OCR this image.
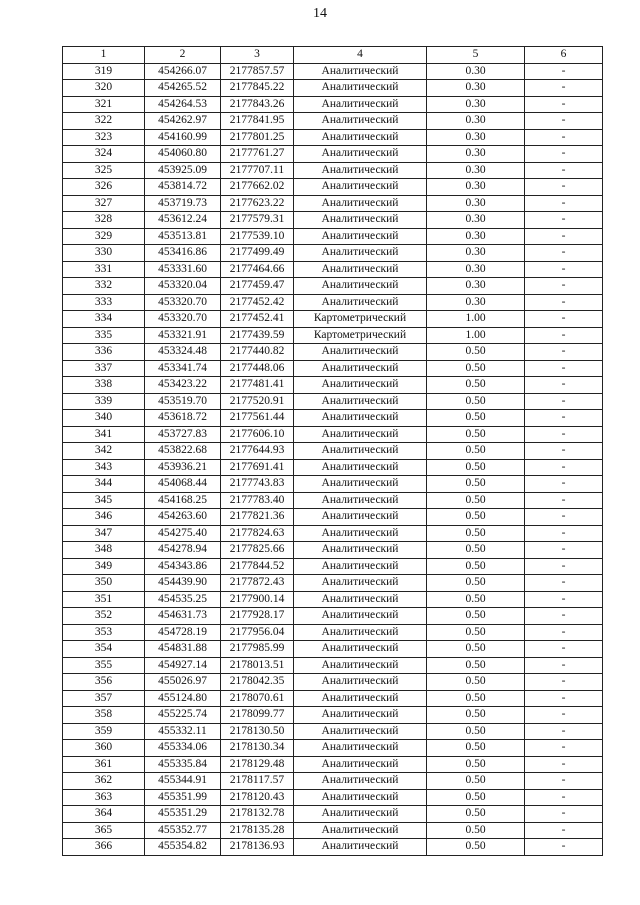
14
1	2	3	4	5	6
319	454266.07	2177857.57	Аналитический	0.30	-
320	454265.52	2177845.22	Аналитический	0.30	-
321	454264.53	2177843.26	Аналитический	0.30	-
322	454262.97	2177841.95	Аналитический	0.30	-
323	454160.99	2177801.25	Аналитический	0.30	-
324	454060.80	2177761.27	Аналитический	0.30	-
325	453925.09	2177707.11	Аналитический	0.30	-
326	453814.72	2177662.02	Аналитический	0.30	-
327	453719.73	2177623.22	Аналитический	0.30	-
328	453612.24	2177579.31	Аналитический	0.30	-
329	453513.81	2177539.10	Аналитический	0.30	-
330	453416.86	2177499.49	Аналитический	0.30	-
331	453331.60	2177464.66	Аналитический	0.30	-
332	453320.04	2177459.47	Аналитический	0.30	-
333	453320.70	2177452.42	Аналитический	0.30	-
334	453320.70	2177452.41	Картометрический	1.00	-
335	453321.91	2177439.59	Картометрический	1.00	-
336	453324.48	2177440.82	Аналитический	0.50	-
337	453341.74	2177448.06	Аналитический	0.50	-
338	453423.22	2177481.41	Аналитический	0.50	-
339	453519.70	2177520.91	Аналитический	0.50	-
340	453618.72	2177561.44	Аналитический	0.50	-
341	453727.83	2177606.10	Аналитический	0.50	-
342	453822.68	2177644.93	Аналитический	0.50	-
343	453936.21	2177691.41	Аналитический	0.50	-
344	454068.44	2177743.83	Аналитический	0.50	-
345	454168.25	2177783.40	Аналитический	0.50	-
346	454263.60	2177821.36	Аналитический	0.50	-
347	454275.40	2177824.63	Аналитический	0.50	-
348	454278.94	2177825.66	Аналитический	0.50	-
349	454343.86	2177844.52	Аналитический	0.50	-
350	454439.90	2177872.43	Аналитический	0.50	-
351	454535.25	2177900.14	Аналитический	0.50	-
352	454631.73	2177928.17	Аналитический	0.50	-
353	454728.19	2177956.04	Аналитический	0.50	-
354	454831.88	2177985.99	Аналитический	0.50	-
355	454927.14	2178013.51	Аналитический	0.50	-
356	455026.97	2178042.35	Аналитический	0.50	-
357	455124.80	2178070.61	Аналитический	0.50	-
358	455225.74	2178099.77	Аналитический	0.50	-
359	455332.11	2178130.50	Аналитический	0.50	-
360	455334.06	2178130.34	Аналитический	0.50	-
361	455335.84	2178129.48	Аналитический	0.50	-
362	455344.91	2178117.57	Аналитический	0.50	-
363	455351.99	2178120.43	Аналитический	0.50	-
364	455351.29	2178132.78	Аналитический	0.50	-
365	455352.77	2178135.28	Аналитический	0.50	-
366	455354.82	2178136.93	Аналитический	0.50	-
